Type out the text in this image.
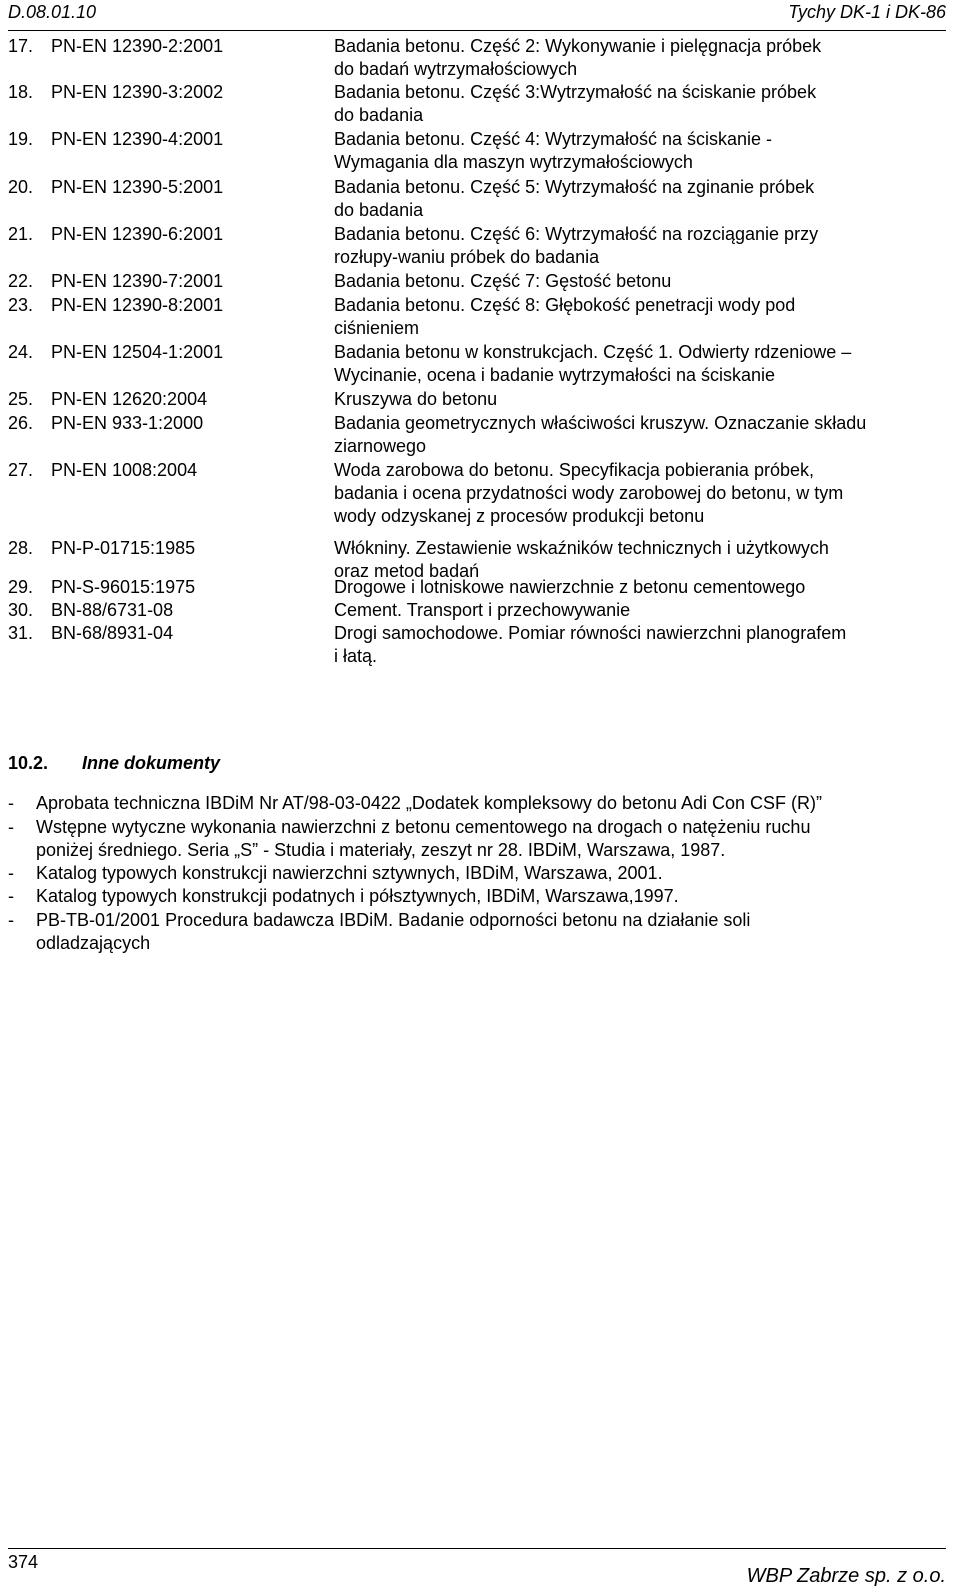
D.08.01.10	Tychy DK-1 i DK-86
17. PN-EN 12390-2:2001	Badania betonu. Część 2: Wykonywanie i pielęgnacja próbek
do badań wytrzymałościowych
18. PN-EN 12390-3:2002	Badania betonu. Część 3:Wytrzymałość na ściskanie próbek
do badania
19. PN-EN 12390-4:2001	Badania betonu. Część 4: Wytrzymałość na ściskanie -
Wymagania dla maszyn wytrzymałościowych
20. PN-EN 12390-5:2001	Badania betonu. Część 5: Wytrzymałość na zginanie próbek
do badania
21. PN-EN 12390-6:2001	Badania betonu. Część 6: Wytrzymałość na rozciąganie przy
rozłupy-waniu próbek do badania
22. PN-EN 12390-7:2001	Badania betonu. Część 7: Gęstość betonu
23. PN-EN 12390-8:2001	Badania betonu. Część 8: Głębokość penetracji wody pod
ciśnieniem
24. PN-EN 12504-1:2001	Badania betonu w konstrukcjach. Część 1. Odwierty rdzeniowe –
Wycinanie, ocena i badanie wytrzymałości na ściskanie
25. PN-EN 12620:2004	Kruszywa do betonu
26. PN-EN 933-1:2000	Badania geometrycznych właściwości kruszyw. Oznaczanie składu
ziarnowego
27. PN-EN 1008:2004	Woda zarobowa do betonu. Specyfikacja pobierania próbek,
badania i ocena przydatności wody zarobowej do betonu, w tym
wody odzyskanej z procesów produkcji betonu
28. PN-P-01715:1985	Włókniny. Zestawienie wskaźników technicznych i użytkowych
oraz metod badań
29. PN-S-96015:1975	Drogowe i lotniskowe nawierzchnie z betonu cementowego
30. BN-88/6731-08	Cement. Transport i przechowywanie
31. BN-68/8931-04	Drogi samochodowe. Pomiar równości nawierzchni planografem
i łatą.
10.2. Inne dokumenty
- Aprobata techniczna IBDiM Nr AT/98-03-0422 „Dodatek kompleksowy do betonu Adi Con CSF (R)”
- Wstępne wytyczne wykonania nawierzchni z betonu cementowego na drogach o natężeniu ruchu
poniżej średniego. Seria „S” - Studia i materiały, zeszyt nr 28. IBDiM, Warszawa, 1987.
- Katalog typowych konstrukcji nawierzchni sztywnych, IBDiM, Warszawa, 2001.
- Katalog typowych konstrukcji podatnych i półsztywnych, IBDiM, Warszawa,1997.
- PB-TB-01/2001 Procedura badawcza IBDiM. Badanie odporności betonu na działanie soli
odladzających
374
WBP Zabrze sp. z o.o.
